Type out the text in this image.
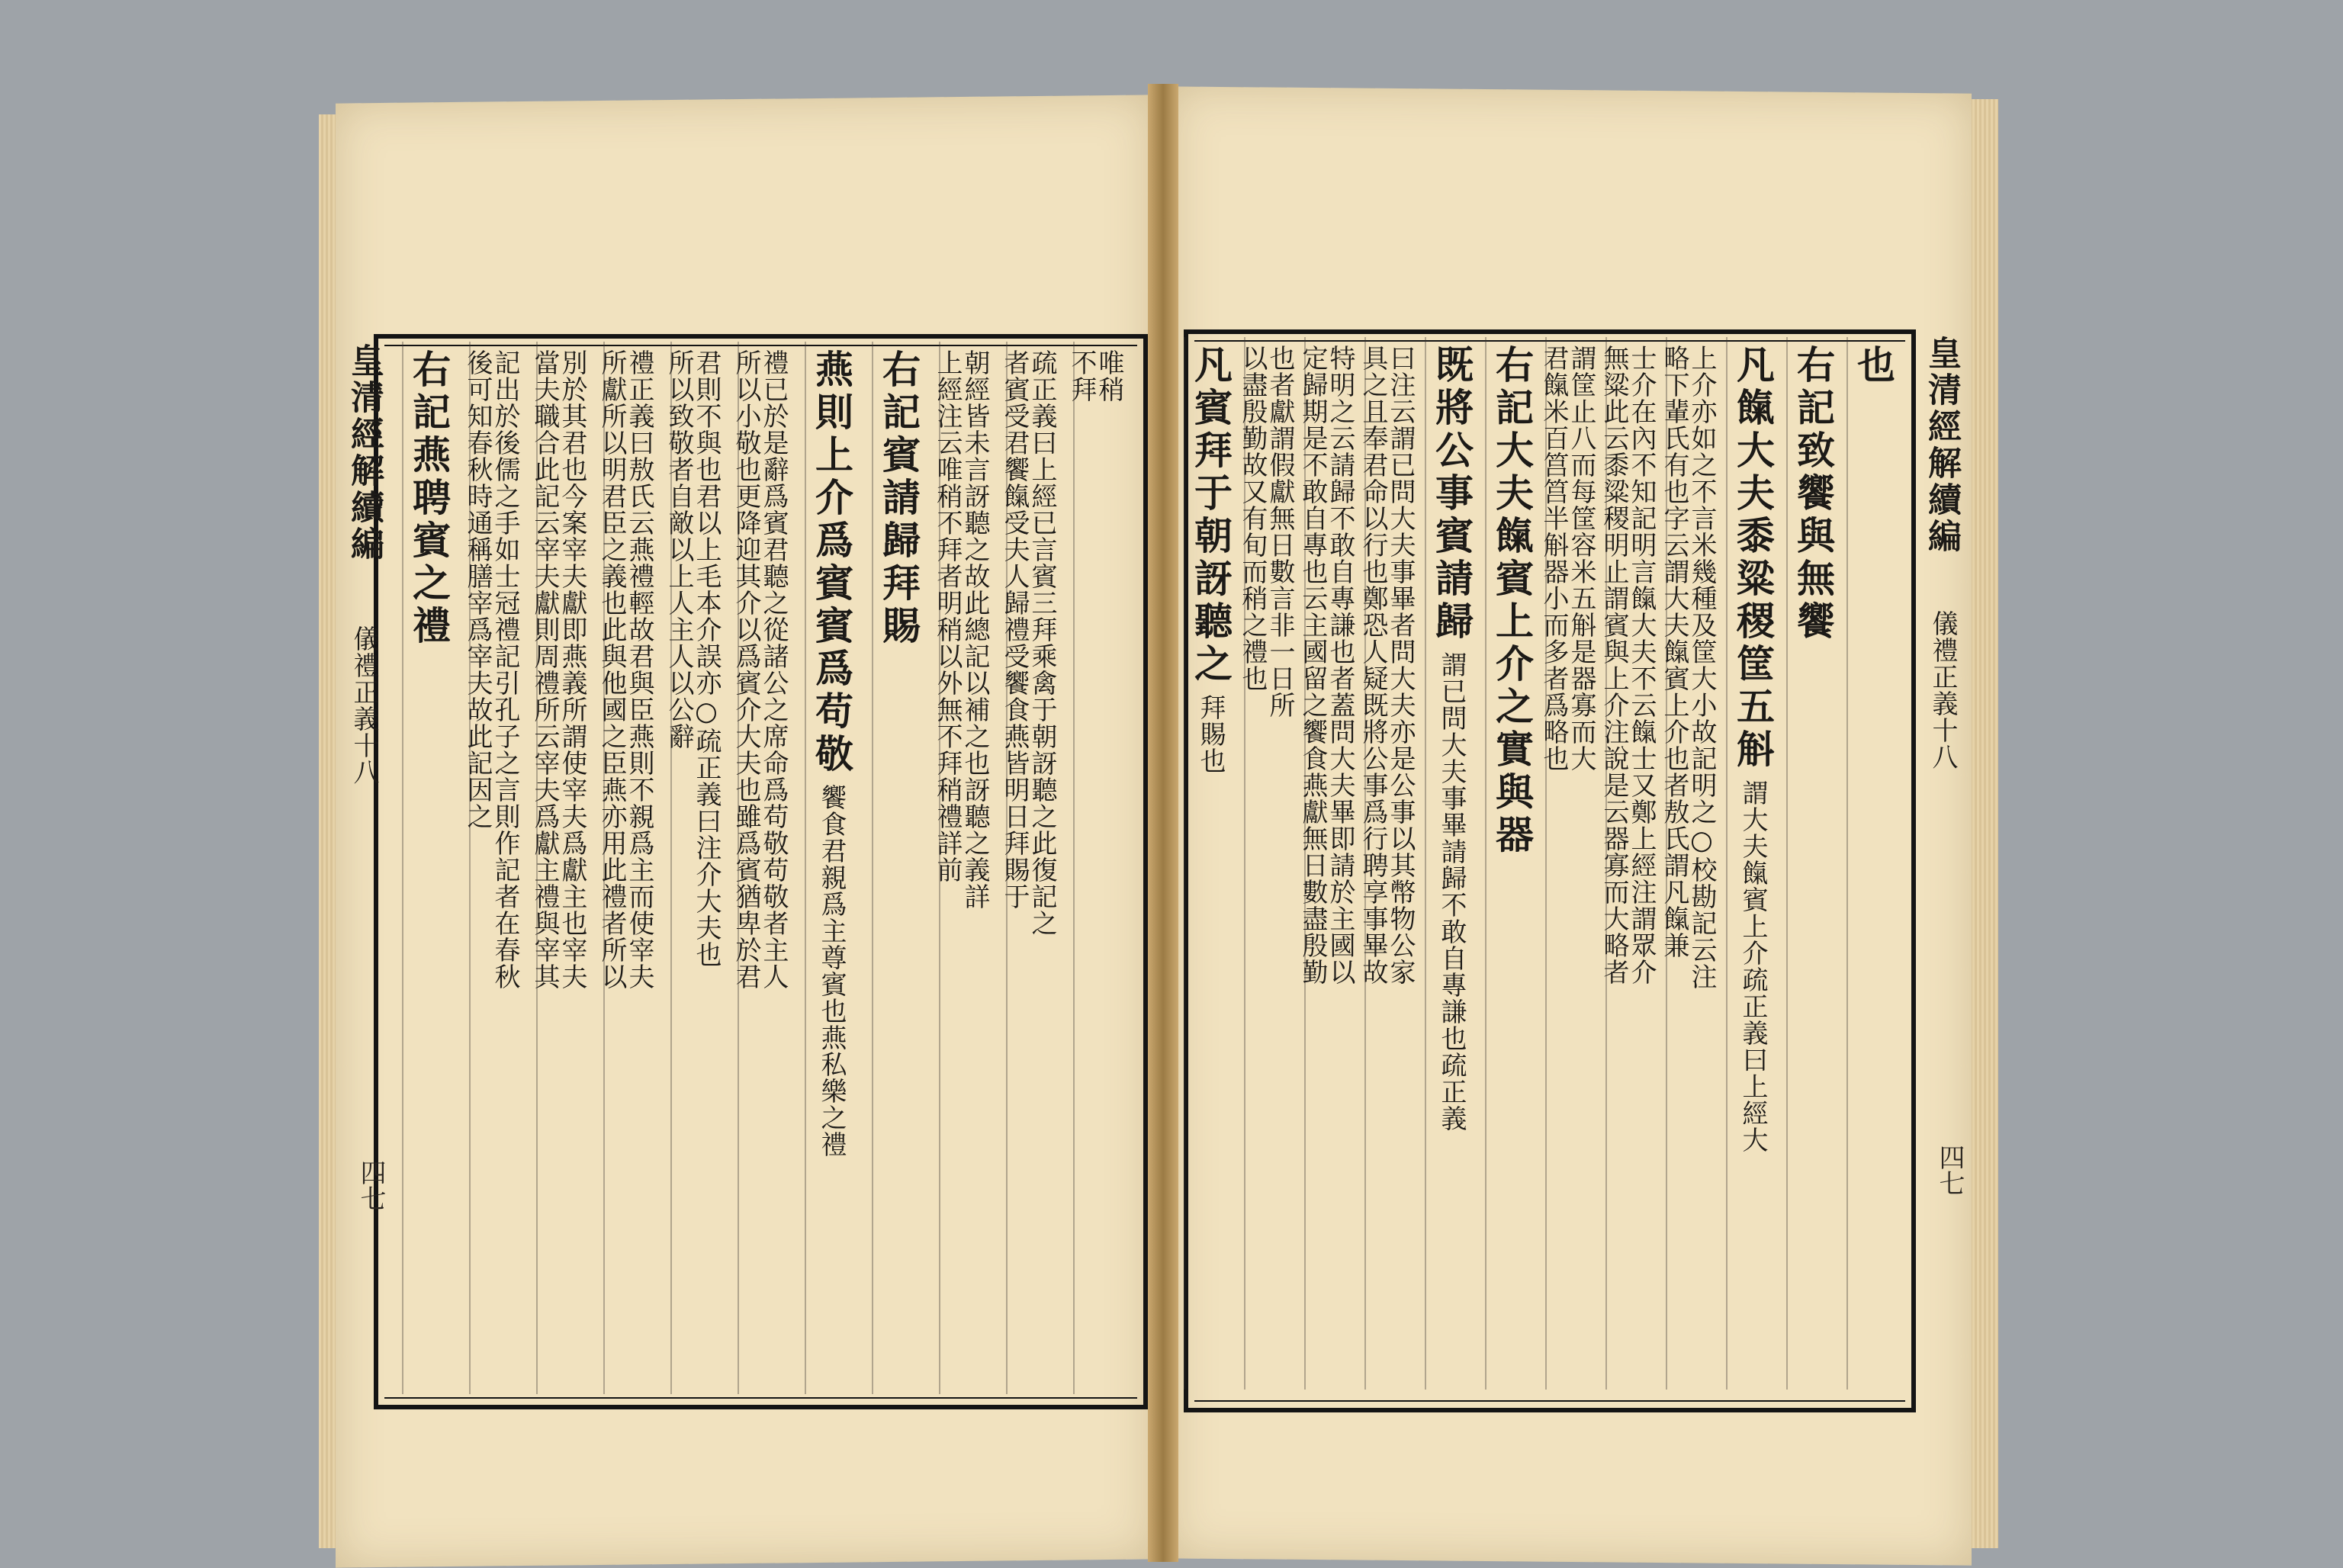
皇清經解續編
儀禮正義十八
四七
皇清經解續編
儀禮正義十八
四七
唯稍
不拜
疏正義曰上經已言賓三拜乘禽于朝訝聽之此復記之
者賓受君饗餼受夫人歸禮受饗食燕皆明日拜賜于
朝經皆未言訝聽之故此總記以補之也訝聽之義詳
上經注云唯稍不拜者明稍以外無不拜稍禮詳前
右記賓請歸拜賜
燕則上介爲賓賓爲苟敬
饗食君親爲主尊賓也燕私樂之禮
禮已於是辭爲賓君聽之從諸公之席命爲苟敬苟敬者主人
所以小敬也更降迎其介以爲賓介大夫也雖爲賓猶卑於君
君則不與也君以上毛本介誤亦○疏正義曰注介大夫也
所以致敬者自敵以上人主人以公辭
禮正義曰敖氏云燕禮輕故君與臣燕則不親爲主而使宰夫
所獻所以明君臣之義也此與他國之臣燕亦用此禮者所以
別於其君也今案宰夫獻即燕義所謂使宰夫爲獻主也宰夫
當夫職合此記云宰夫獻則周禮所云宰夫爲獻主禮與宰其
記出於後儒之手如士冠禮記引孔子之言則作記者在春秋
後可知春秋時通稱膳宰爲宰夫故此記因之
右記燕聘賓之禮	也
右記致饗與無饗
凡餼大夫黍粱稷筐五斛
謂大夫餼賓上介疏正義曰上經大
上介亦如之不言米幾種及筐大小故記明之○校勘記云注
略下輩氏有也字云謂大夫餼賓上介也者敖氏謂凡餼兼
士介在內不知記明言餼大夫不云餼士又鄭上經注謂眾介
無粱此云黍粱稷明止謂賓與上介注說是云器寡而大略者
謂筐止八而每筐容米五斛是器寡而大
君餼米百筥筥半斛器小而多者爲略也
右記大夫餼賓上介之實與器
既將公事賓請歸
謂已問大夫事畢請歸不敢自專謙也疏正義
曰注云謂已問大夫事畢者問大夫亦是公事以其幣物公家
具之且奉君命以行也鄭恐人疑既將公事爲行聘享事畢故
特明之云請歸不敢自專謙也者蓋問大夫畢即請於主國以
定歸期是不敢自專也云主國留之饗食燕獻無日數盡殷勤
也者獻謂假獻無日數言非一日所
以盡殷勤故又有旬而稍之禮也
凡賓拜于朝訝聽之
拜賜也
